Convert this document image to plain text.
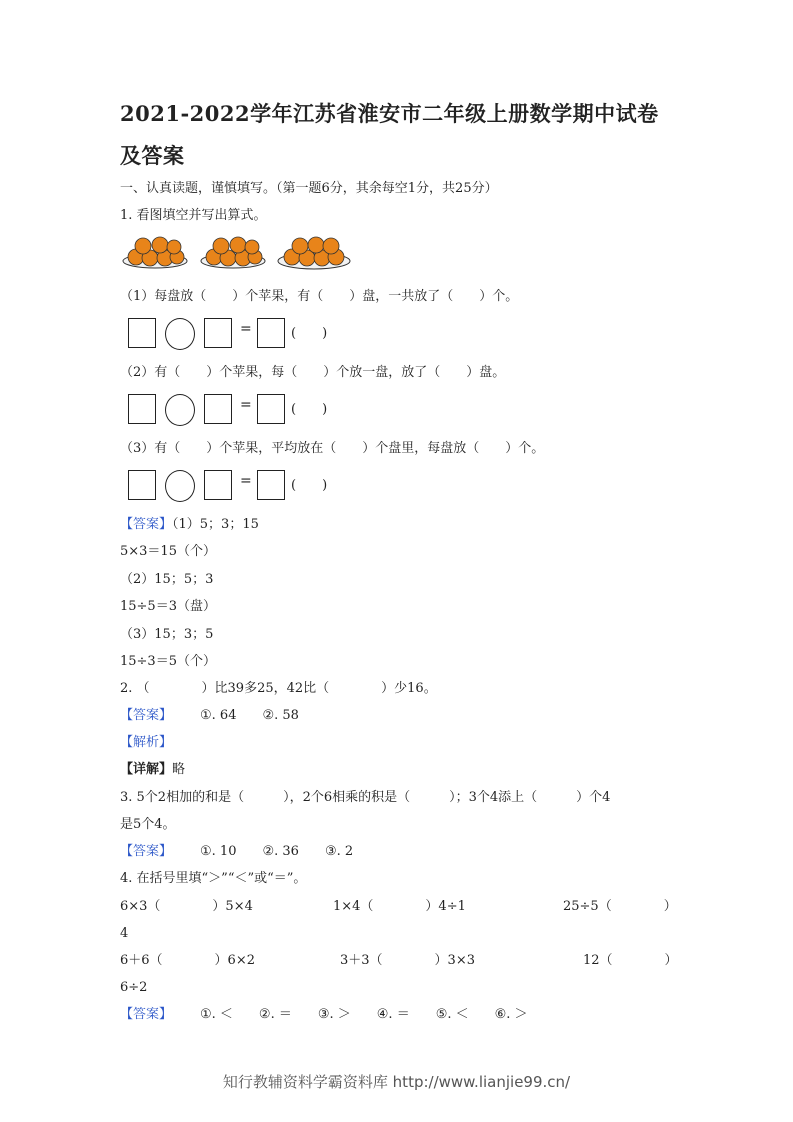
2021-2022学年江苏省淮安市二年级上册数学期中试卷及答案
一、认真读题，谨慎填写。（第一题6分，其余每空1分，共25分）
1. 看图填空并写出算式。
（1）每盘放（　　）个苹果，有（　　）盘，一共放了（　　）个。
=	(　　)
（2）有（　　）个苹果，每（　　）个放一盘，放了（　　）盘。
=	(　　)
（3）有（　　）个苹果，平均放在（　　）个盘里，每盘放（　　）个。
=	(　　)
【答案】（1）5；3；15
5×3＝15（个）
（2）15；5；3
15÷5＝3（盘）
（3）15；3；5
15÷3＝5（个）
2. （　　　　）比39多25，42比（　　　　）少16。
【答案】 ①. 64　　②. 58
【解析】
【详解】略
3. 5个2相加的和是（　　　），2个6相乘的积是（　　　）；3个4添上（　　　）个4
是5个4。
【答案】 ①. 10　　②. 36　　③. 2
4. 在括号里填“＞”“＜”或“＝”。
6×3（　　　　）5×4	1×4（　　　　）4÷1	25÷5（　　　　）
4
6＋6（　　　　）6×2	3＋3（　　　　）3×3	12（　　　　）
6÷2
【答案】 ①. ＜　　②. ＝　　③. ＞　　④. ＝　　⑤. ＜　　⑥. ＞
知行教辅资料学霸资料库 http://www.lianjie99.cn/
